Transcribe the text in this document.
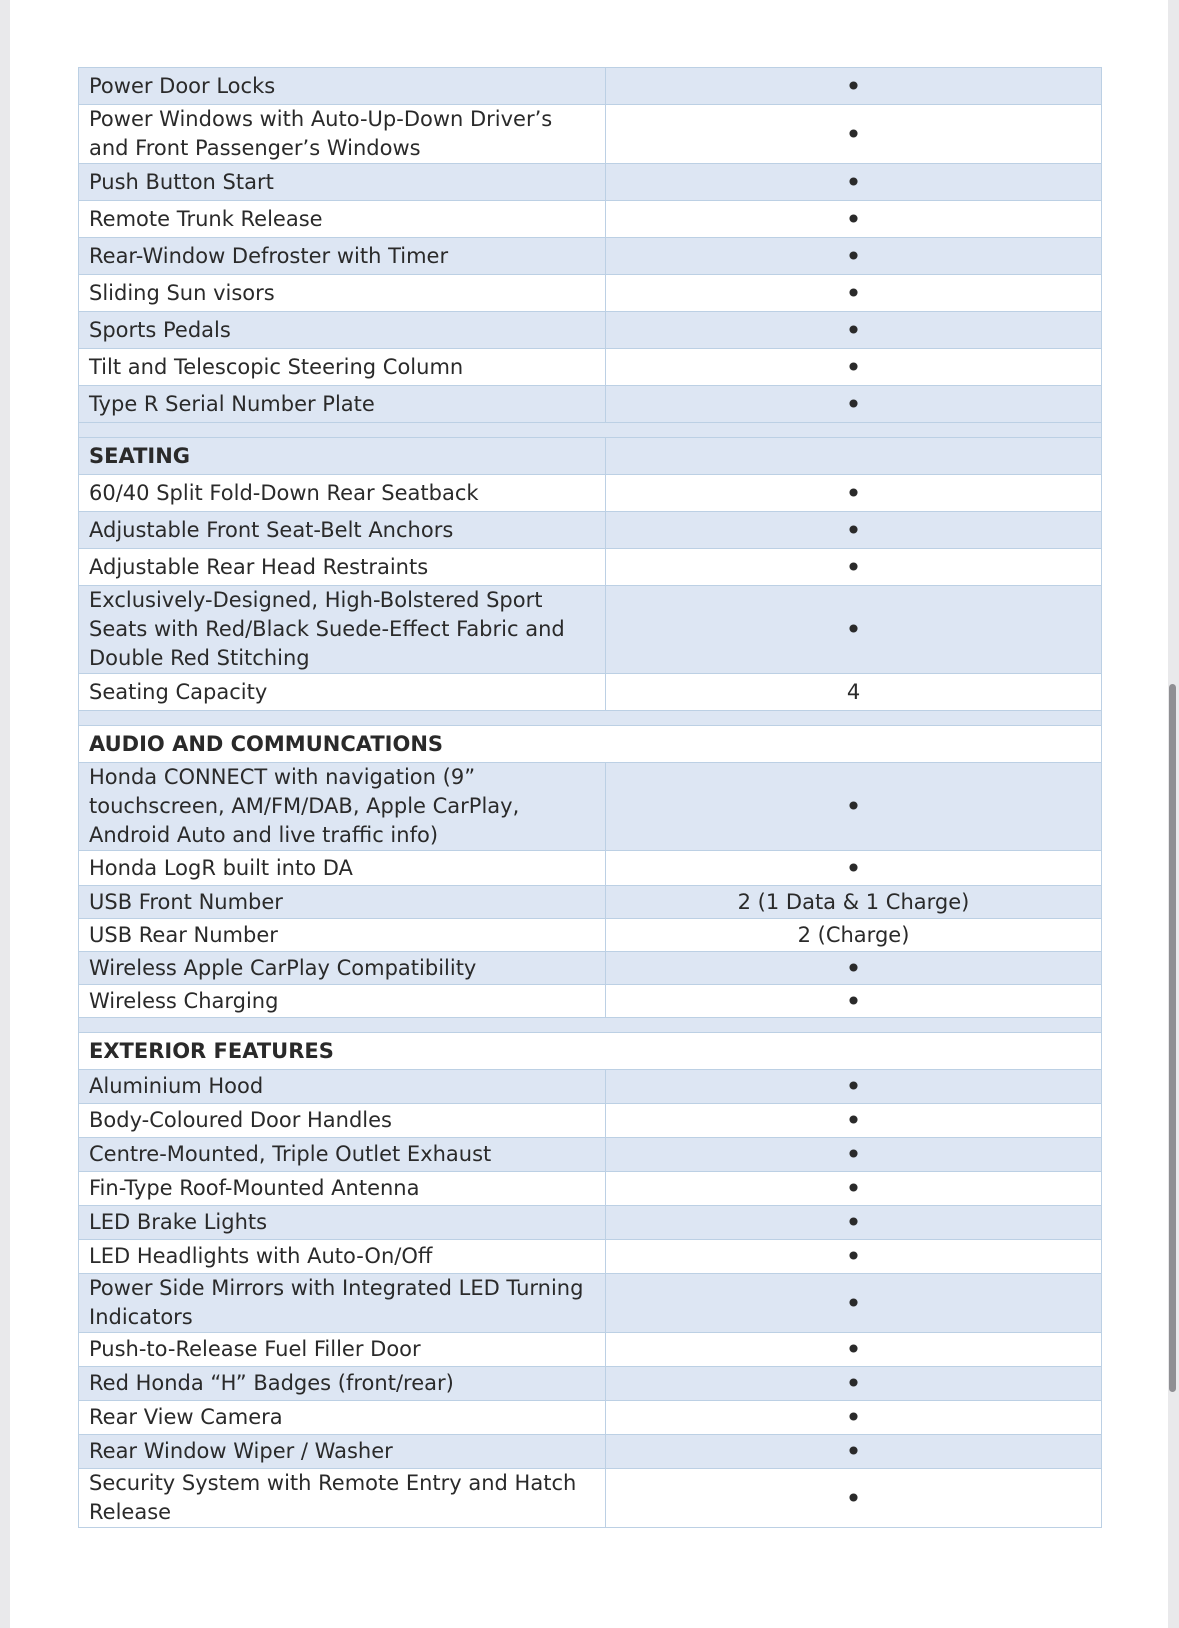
Power Door Locks	•
Power Windows with Auto-Up-Down Driver’s and Front Passenger’s Windows	•
Push Button Start	•
Remote Trunk Release	•
Rear-Window Defroster with Timer	•
Sliding Sun visors	•
Sports Pedals	•
Tilt and Telescopic Steering Column	•
Type R Serial Number Plate	•

SEATING	
60/40 Split Fold-Down Rear Seatback	•
Adjustable Front Seat-Belt Anchors	•
Adjustable Rear Head Restraints	•
Exclusively-Designed, High-Bolstered Sport Seats with Red/Black Suede-Effect Fabric and Double Red Stitching	•
Seating Capacity	4

AUDIO AND COMMUNCATIONS	
Honda CONNECT with navigation (9” touchscreen, AM/FM/DAB, Apple CarPlay, Android Auto and live traffic info)	•
Honda LogR built into DA	•
USB Front Number	2 (1 Data & 1 Charge)
USB Rear Number	2 (Charge)
Wireless Apple CarPlay Compatibility	•
Wireless Charging	•

EXTERIOR FEATURES	
Aluminium Hood	•
Body-Coloured Door Handles	•
Centre-Mounted, Triple Outlet Exhaust	•
Fin-Type Roof-Mounted Antenna	•
LED Brake Lights	•
LED Headlights with Auto-On/Off	•
Power Side Mirrors with Integrated LED Turning Indicators	•
Push-to-Release Fuel Filler Door	•
Red Honda “H” Badges (front/rear)	•
Rear View Camera	•
Rear Window Wiper / Washer	•
Security System with Remote Entry and Hatch Release	•
